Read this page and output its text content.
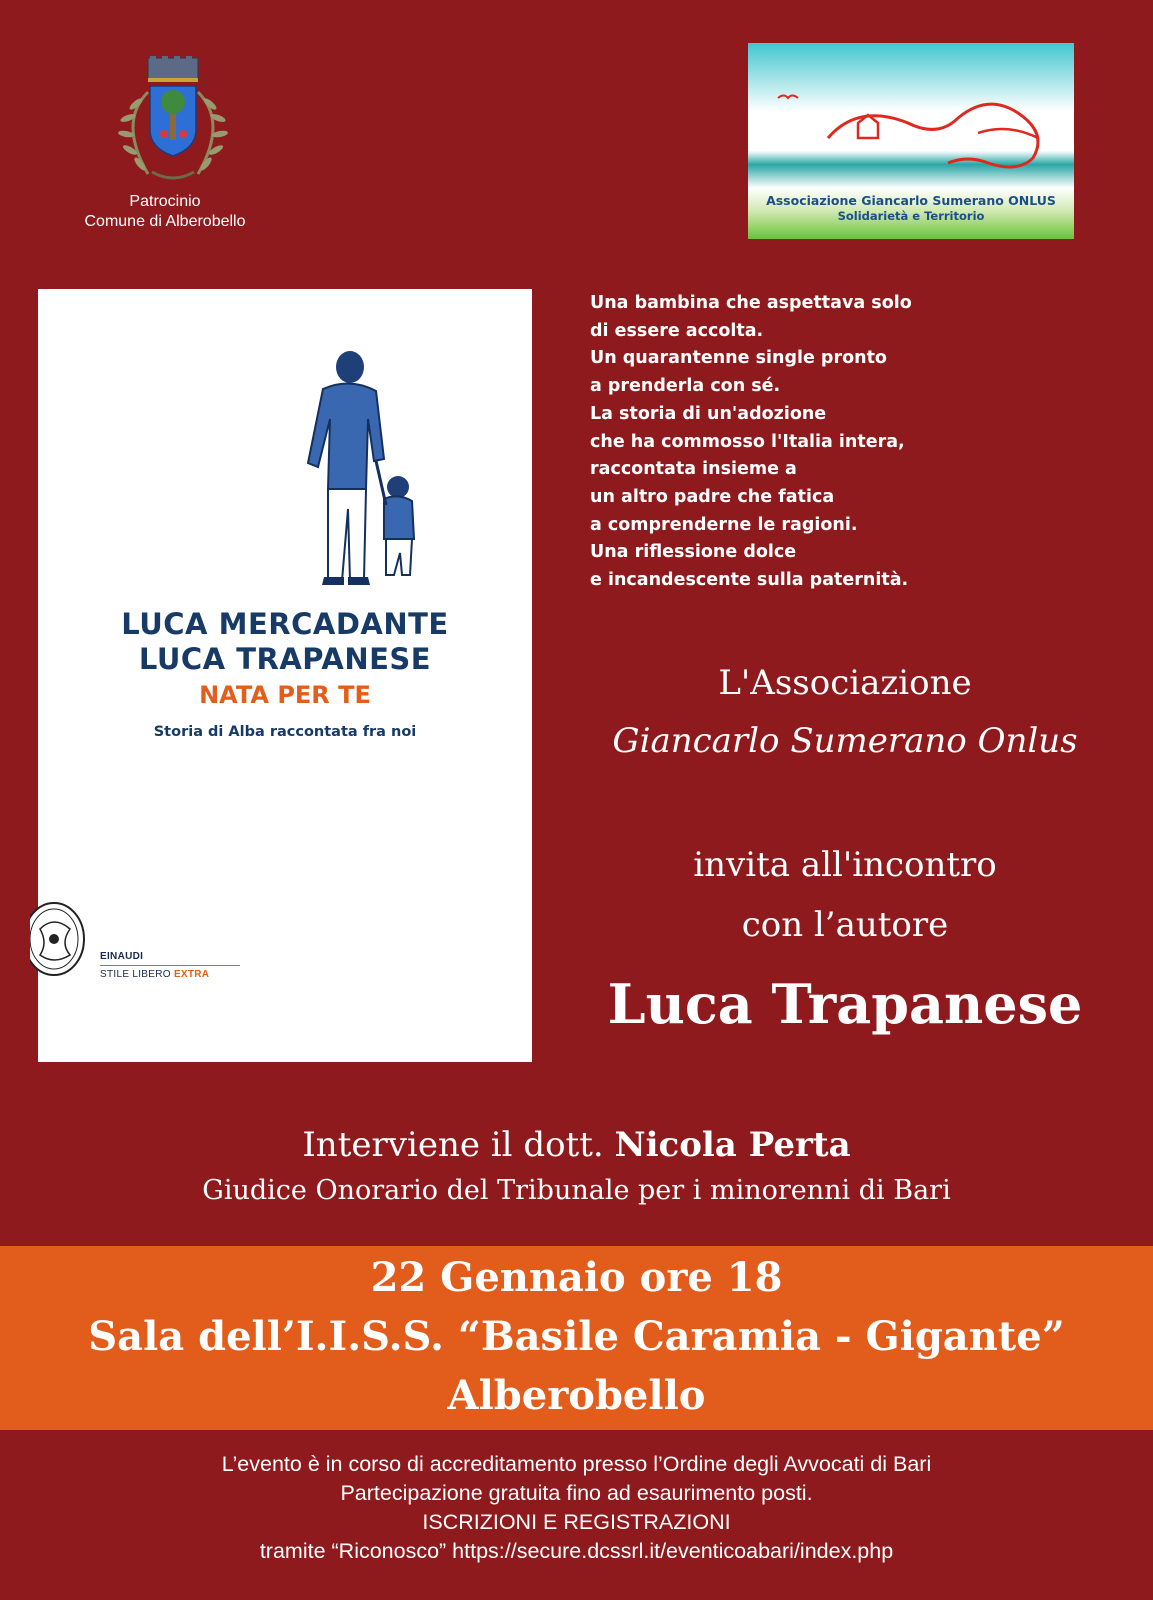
Patrocinio
Comune di Alberobello
Associazione Giancarlo Sumerano ONLUS
Solidarietà e Territorio
LUCA MERCADANTE
LUCA TRAPANESE
NATA PER TE
Storia di Alba raccontata fra noi
EINAUDI
STILE LIBERO EXTRA
Una bambina che aspettava solo
di essere accolta.
Un quarantenne single pronto
a prenderla con sé.
La storia di un'adozione
che ha commosso l'Italia intera,
raccontata insieme a
un altro padre che fatica
a comprenderne le ragioni.
Una riflessione dolce
e incandescente sulla paternità.
L'Associazione
Giancarlo Sumerano Onlus
invita all'incontro
con l’autore
Luca Trapanese
Interviene il dott. Nicola Perta
Giudice Onorario del Tribunale per i minorenni di Bari
22 Gennaio ore 18
Sala dell’I.I.S.S. “Basile Caramia - Gigante”
Alberobello
L’evento è in corso di accreditamento presso l’Ordine degli Avvocati di Bari
Partecipazione gratuita fino ad esaurimento posti.
ISCRIZIONI E REGISTRAZIONI
tramite “Riconosco” https://secure.dcssrl.it/eventicoabari/index.php
